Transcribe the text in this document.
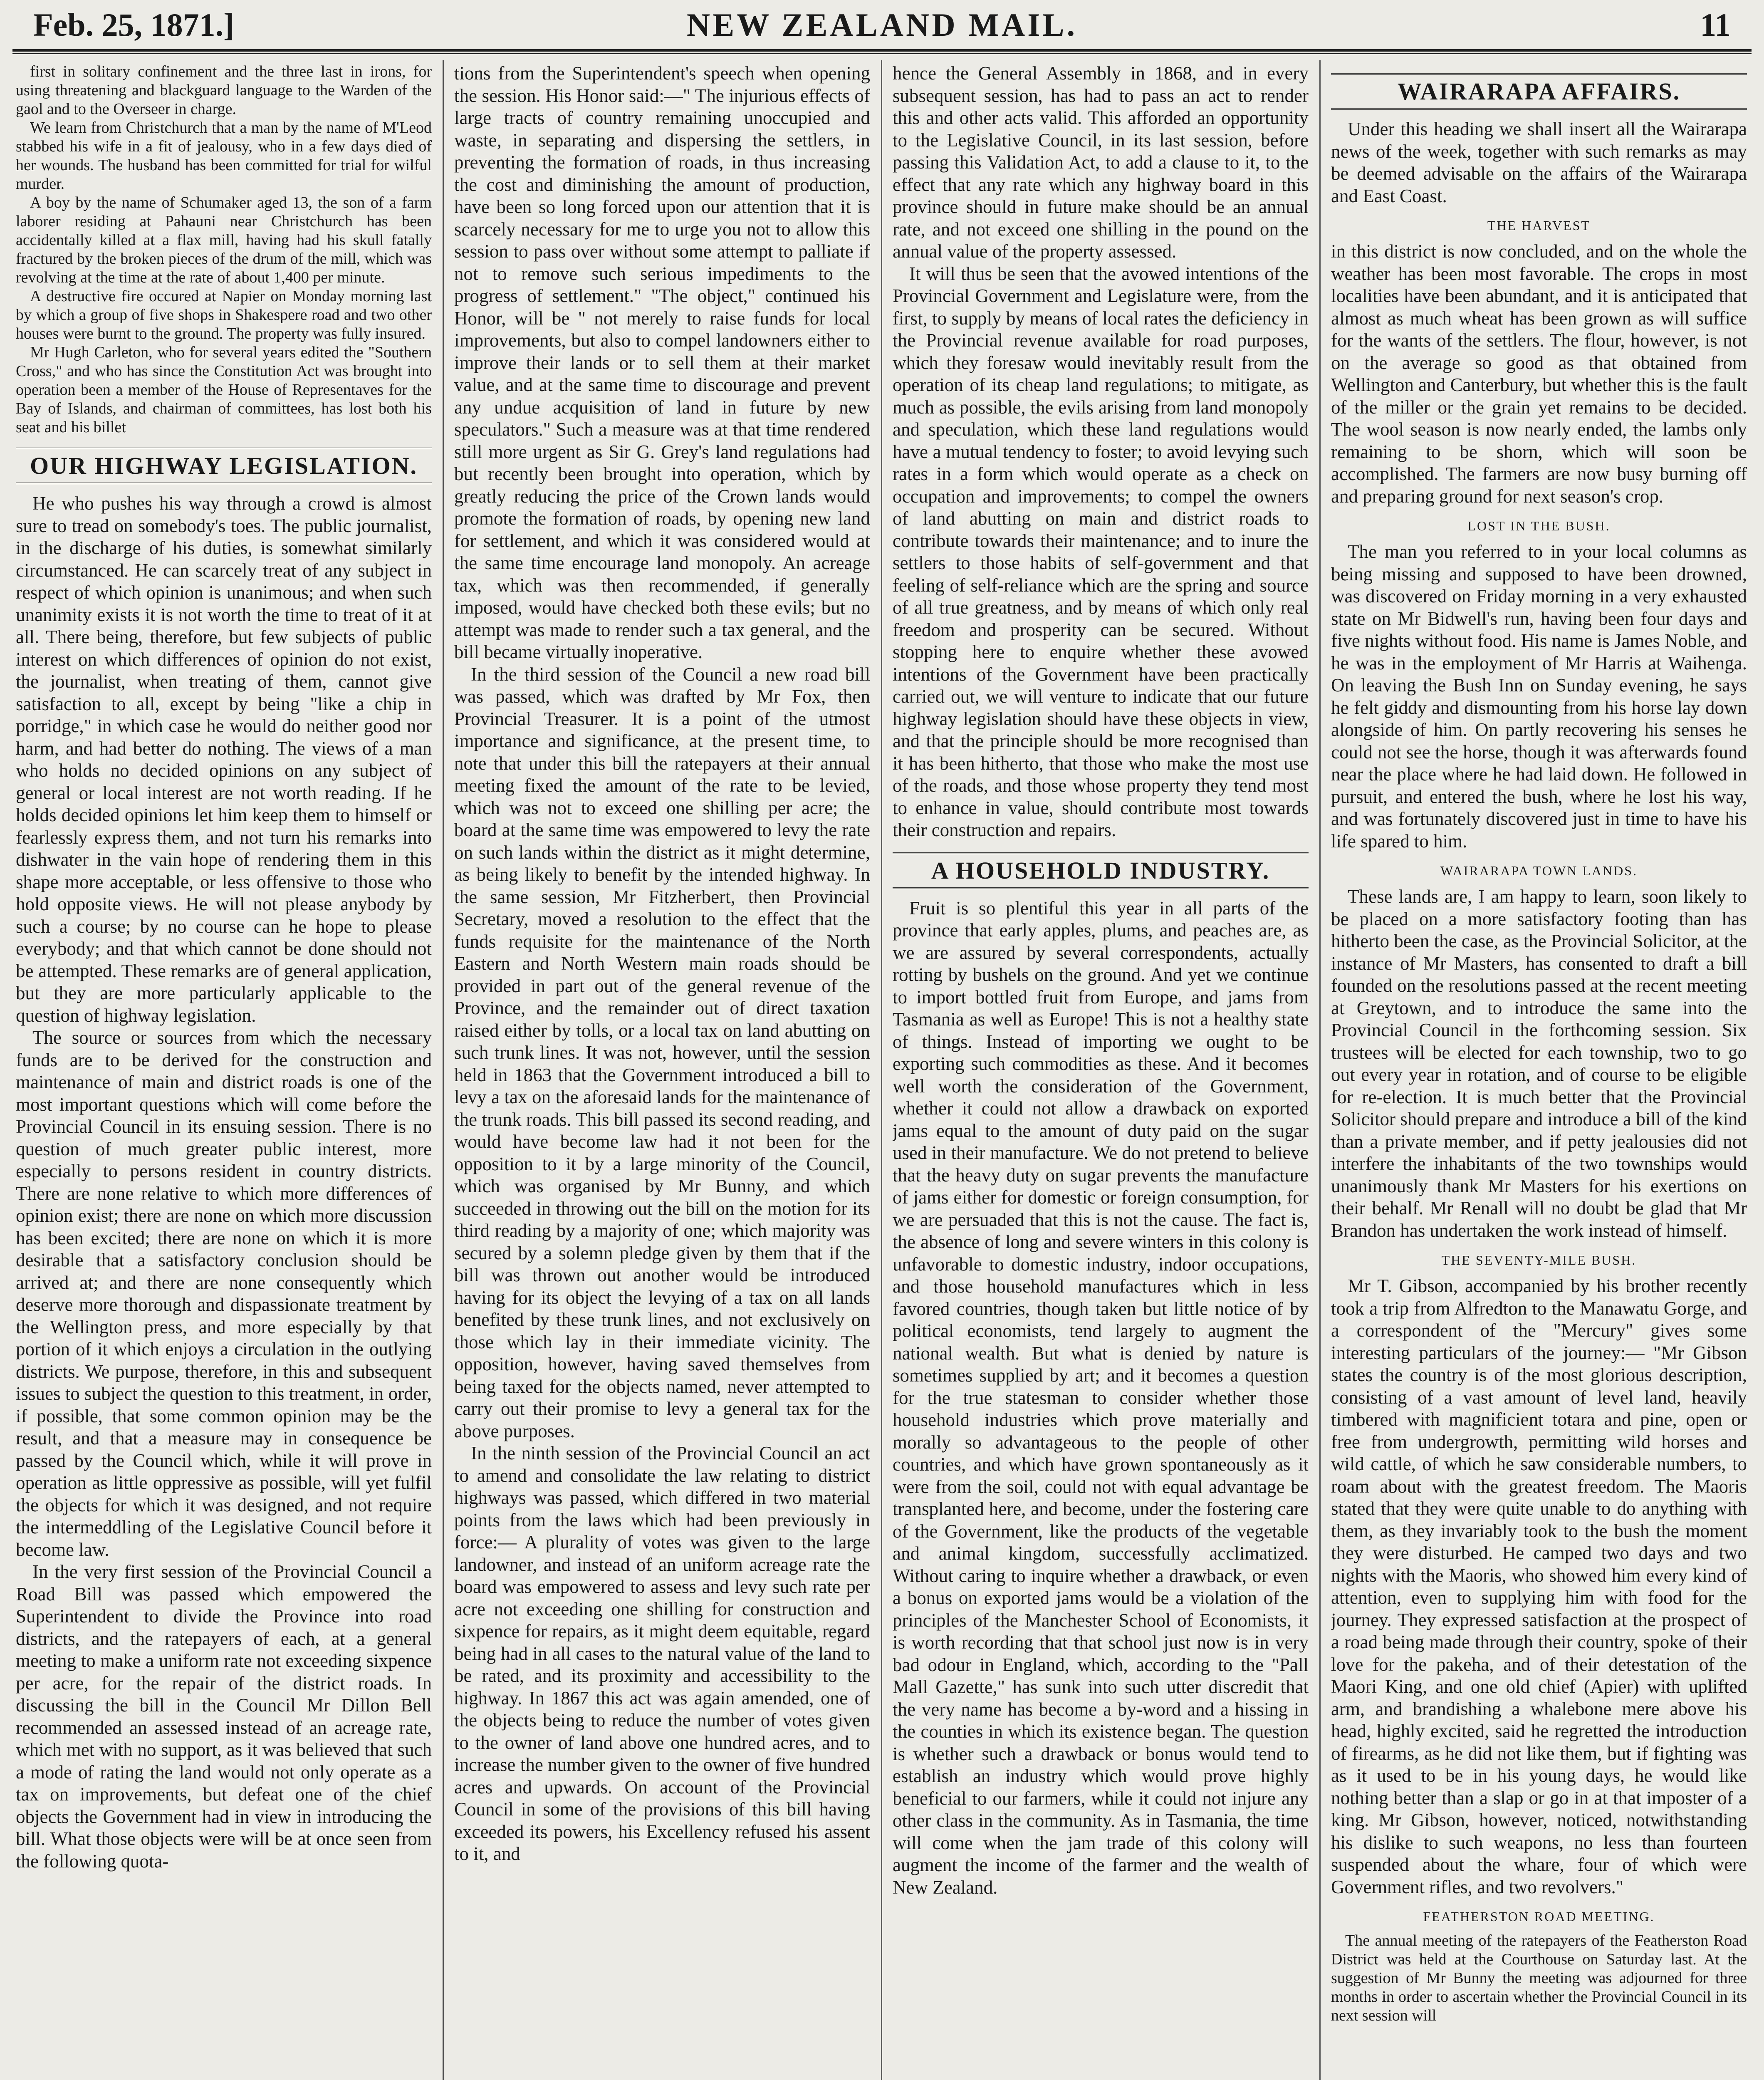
NEW ZEALAND MAIL.
Feb. 25, 1871.]	11

first in solitary confinement and the three last in irons, for using threatening and blackguard language to the Warden of the gaol and to the Overseer in charge.

We learn from Christchurch that a man by the name of M'Leod stabbed his wife in a fit of jealousy, who in a few days died of her wounds. The husband has been committed for trial for wilful murder.

A boy by the name of Schumaker aged 13, the son of a farm laborer residing at Pahauni near Christchurch has been accidentally killed at a flax mill, having had his skull fatally fractured by the broken pieces of the drum of the mill, which was revolving at the time at the rate of about 1,400 per minute.

A destructive fire occured at Napier on Monday morning last by which a group of five shops in Shakespere road and two other houses were burnt to the ground. The property was fully insured.

Mr Hugh Carleton, who for several years edited the "Southern Cross," and who has since the Constitution Act was brought into operation been a member of the House of Representaves for the Bay of Islands, and chairman of committees, has lost both his seat and his billet

OUR HIGHWAY LEGISLATION.

He who pushes his way through a crowd is almost sure to tread on somebody's toes. The public journalist, in the discharge of his duties, is somewhat similarly circumstanced. He can scarcely treat of any subject in respect of which opinion is unanimous; and when such unanimity exists it is not worth the time to treat of it at all. There being, therefore, but few subjects of public interest on which differences of opinion do not exist, the journalist, when treating of them, cannot give satisfaction to all, except by being "like a chip in porridge," in which case he would do neither good nor harm, and had better do nothing. The views of a man who holds no decided opinions on any subject of general or local interest are not worth reading. If he holds decided opinions let him keep them to himself or fearlessly express them, and not turn his remarks into dishwater in the vain hope of rendering them in this shape more acceptable, or less offensive to those who hold opposite views. He will not please anybody by such a course; by no course can he hope to please everybody; and that which cannot be done should not be attempted. These remarks are of general application, but they are more particularly applicable to the question of highway legislation.

The source or sources from which the necessary funds are to be derived for the construction and maintenance of main and district roads is one of the most important questions which will come before the Provincial Council in its ensuing session. There is no question of much greater public interest, more especially to persons resident in country districts. There are none relative to which more differences of opinion exist; there are none on which more discussion has been excited; there are none on which it is more desirable that a satisfactory conclusion should be arrived at; and there are none consequently which deserve more thorough and dispassionate treatment by the Wellington press, and more especially by that portion of it which enjoys a circulation in the outlying districts. We purpose, therefore, in this and subsequent issues to subject the question to this treatment, in order, if possible, that some common opinion may be the result, and that a measure may in consequence be passed by the Council which, while it will prove in operation as little oppressive as possible, will yet fulfil the objects for which it was designed, and not require the intermeddling of the Legislative Council before it become law.

In the very first session of the Provincial Council a Road Bill was passed which empowered the Superintendent to divide the Province into road districts, and the ratepayers of each, at a general meeting to make a uniform rate not exceeding sixpence per acre, for the repair of the district roads. In discussing the bill in the Council Mr Dillon Bell recommended an assessed instead of an acreage rate, which met with no support, as it was believed that such a mode of rating the land would not only operate as a tax on improvements, but defeat one of the chief objects the Government had in view in introducing the bill. What those objects were will be at once seen from the following quota-

tions from the Superintendent's speech when opening the session. His Honor said:—" The injurious effects of large tracts of country remaining unoccupied and waste, in separating and dispersing the settlers, in preventing the formation of roads, in thus increasing the cost and diminishing the amount of production, have been so long forced upon our attention that it is scarcely necessary for me to urge you not to allow this session to pass over without some attempt to palliate if not to remove such serious impediments to the progress of settlement." "The object," continued his Honor, will be " not merely to raise funds for local improvements, but also to compel landowners either to improve their lands or to sell them at their market value, and at the same time to discourage and prevent any undue acquisition of land in future by new speculators." Such a measure was at that time rendered still more urgent as Sir G. Grey's land regulations had but recently been brought into operation, which by greatly reducing the price of the Crown lands would promote the formation of roads, by opening new land for settlement, and which it was considered would at the same time encourage land monopoly. An acreage tax, which was then recommended, if generally imposed, would have checked both these evils; but no attempt was made to render such a tax general, and the bill became virtually inoperative.

In the third session of the Council a new road bill was passed, which was drafted by Mr Fox, then Provincial Treasurer. It is a point of the utmost importance and significance, at the present time, to note that under this bill the ratepayers at their annual meeting fixed the amount of the rate to be levied, which was not to exceed one shilling per acre; the board at the same time was empowered to levy the rate on such lands within the district as it might determine, as being likely to benefit by the intended highway. In the same session, Mr Fitzherbert, then Provincial Secretary, moved a resolution to the effect that the funds requisite for the maintenance of the North Eastern and North Western main roads should be provided in part out of the general revenue of the Province, and the remainder out of direct taxation raised either by tolls, or a local tax on land abutting on such trunk lines. It was not, however, until the session held in 1863 that the Government introduced a bill to levy a tax on the aforesaid lands for the maintenance of the trunk roads. This bill passed its second reading, and would have become law had it not been for the opposition to it by a large minority of the Council, which was organised by Mr Bunny, and which succeeded in throwing out the bill on the motion for its third reading by a majority of one; which majority was secured by a solemn pledge given by them that if the bill was thrown out another would be introduced having for its object the levying of a tax on all lands benefited by these trunk lines, and not exclusively on those which lay in their immediate vicinity. The opposition, however, having saved themselves from being taxed for the objects named, never attempted to carry out their promise to levy a general tax for the above purposes.

In the ninth session of the Provincial Council an act to amend and consolidate the law relating to district highways was passed, which differed in two material points from the laws which had been previously in force:— A plurality of votes was given to the large landowner, and instead of an uniform acreage rate the board was empowered to assess and levy such rate per acre not exceeding one shilling for construction and sixpence for repairs, as it might deem equitable, regard being had in all cases to the natural value of the land to be rated, and its proximity and accessibility to the highway. In 1867 this act was again amended, one of the objects being to reduce the number of votes given to the owner of land above one hundred acres, and to increase the number given to the owner of five hundred acres and upwards. On account of the Provincial Council in some of the provisions of this bill having exceeded its powers, his Excellency refused his assent to it, and

hence the General Assembly in 1868, and in every subsequent session, has had to pass an act to render this and other acts valid. This afforded an opportunity to the Legislative Council, in its last session, before passing this Validation Act, to add a clause to it, to the effect that any rate which any highway board in this province should in future make should be an annual rate, and not exceed one shilling in the pound on the annual value of the property assessed.

It will thus be seen that the avowed intentions of the Provincial Government and Legislature were, from the first, to supply by means of local rates the deficiency in the Provincial revenue available for road purposes, which they foresaw would inevitably result from the operation of its cheap land regulations; to mitigate, as much as possible, the evils arising from land monopoly and speculation, which these land regulations would have a mutual tendency to foster; to avoid levying such rates in a form which would operate as a check on occupation and improvements; to compel the owners of land abutting on main and district roads to contribute towards their maintenance; and to inure the settlers to those habits of self-government and that feeling of self-reliance which are the spring and source of all true greatness, and by means of which only real freedom and prosperity can be secured. Without stopping here to enquire whether these avowed intentions of the Government have been practically carried out, we will venture to indicate that our future highway legislation should have these objects in view, and that the principle should be more recognised than it has been hitherto, that those who make the most use of the roads, and those whose property they tend most to enhance in value, should contribute most towards their construction and repairs.

A HOUSEHOLD INDUSTRY.

Fruit is so plentiful this year in all parts of the province that early apples, plums, and peaches are, as we are assured by several correspondents, actually rotting by bushels on the ground. And yet we continue to import bottled fruit from Europe, and jams from Tasmania as well as Europe! This is not a healthy state of things. Instead of importing we ought to be exporting such commodities as these. And it becomes well worth the consideration of the Government, whether it could not allow a drawback on exported jams equal to the amount of duty paid on the sugar used in their manufacture. We do not pretend to believe that the heavy duty on sugar prevents the manufacture of jams either for domestic or foreign consumption, for we are persuaded that this is not the cause. The fact is, the absence of long and severe winters in this colony is unfavorable to domestic industry, indoor occupations, and those household manufactures which in less favored countries, though taken but little notice of by political economists, tend largely to augment the national wealth. But what is denied by nature is sometimes supplied by art; and it becomes a question for the true statesman to consider whether those household industries which prove materially and morally so advantageous to the people of other countries, and which have grown spontaneously as it were from the soil, could not with equal advantage be transplanted here, and become, under the fostering care of the Government, like the products of the vegetable and animal kingdom, successfully acclimatized. Without caring to inquire whether a drawback, or even a bonus on exported jams would be a violation of the principles of the Manchester School of Economists, it is worth recording that that school just now is in very bad odour in England, which, according to the "Pall Mall Gazette," has sunk into such utter discredit that the very name has become a by-word and a hissing in the counties in which its existence began. The question is whether such a drawback or bonus would tend to establish an industry which would prove highly beneficial to our farmers, while it could not injure any other class in the community. As in Tasmania, the time will come when the jam trade of this colony will augment the income of the farmer and the wealth of New Zealand.

WAIRARAPA AFFAIRS.

Under this heading we shall insert all the Wairarapa news of the week, together with such remarks as may be deemed advisable on the affairs of the Wairarapa and East Coast.

THE HARVEST

in this district is now concluded, and on the whole the weather has been most favorable. The crops in most localities have been abundant, and it is anticipated that almost as much wheat has been grown as will suffice for the wants of the settlers. The flour, however, is not on the average so good as that obtained from Wellington and Canterbury, but whether this is the fault of the miller or the grain yet remains to be decided. The wool season is now nearly ended, the lambs only remaining to be shorn, which will soon be accomplished. The farmers are now busy burning off and preparing ground for next season's crop.

LOST IN THE BUSH.

The man you referred to in your local columns as being missing and supposed to have been drowned, was discovered on Friday morning in a very exhausted state on Mr Bidwell's run, having been four days and five nights without food. His name is James Noble, and he was in the employment of Mr Harris at Waihenga. On leaving the Bush Inn on Sunday evening, he says he felt giddy and dismounting from his horse lay down alongside of him. On partly recovering his senses he could not see the horse, though it was afterwards found near the place where he had laid down. He followed in pursuit, and entered the bush, where he lost his way, and was fortunately discovered just in time to have his life spared to him.

WAIRARAPA TOWN LANDS.

These lands are, I am happy to learn, soon likely to be placed on a more satisfactory footing than has hitherto been the case, as the Provincial Solicitor, at the instance of Mr Masters, has consented to draft a bill founded on the resolutions passed at the recent meeting at Greytown, and to introduce the same into the Provincial Council in the forthcoming session. Six trustees will be elected for each township, two to go out every year in rotation, and of course to be eligible for re-election. It is much better that the Provincial Solicitor should prepare and introduce a bill of the kind than a private member, and if petty jealousies did not interfere the inhabitants of the two townships would unanimously thank Mr Masters for his exertions on their behalf. Mr Renall will no doubt be glad that Mr Brandon has undertaken the work instead of himself.

THE SEVENTY-MILE BUSH.

Mr T. Gibson, accompanied by his brother recently took a trip from Alfredton to the Manawatu Gorge, and a correspondent of the "Mercury" gives some interesting particulars of the journey:— "Mr Gibson states the country is of the most glorious description, consisting of a vast amount of level land, heavily timbered with magnificient totara and pine, open or free from undergrowth, permitting wild horses and wild cattle, of which he saw considerable numbers, to roam about with the greatest freedom. The Maoris stated that they were quite unable to do anything with them, as they invariably took to the bush the moment they were disturbed. He camped two days and two nights with the Maoris, who showed him every kind of attention, even to supplying him with food for the journey. They expressed satisfaction at the prospect of a road being made through their country, spoke of their love for the pakeha, and of their detestation of the Maori King, and one old chief (Apier) with uplifted arm, and brandishing a whalebone mere above his head, highly excited, said he regretted the introduction of firearms, as he did not like them, but if fighting was as it used to be in his young days, he would like nothing better than a slap or go in at that imposter of a king. Mr Gibson, however, noticed, notwithstanding his dislike to such weapons, no less than fourteen suspended about the whare, four of which were Government rifles, and two revolvers."

FEATHERSTON ROAD MEETING.

The annual meeting of the ratepayers of the Featherston Road District was held at the Courthouse on Saturday last. At the suggestion of Mr Bunny the meeting was adjourned for three months in order to ascertain whether the Provincial Council in its next session will
